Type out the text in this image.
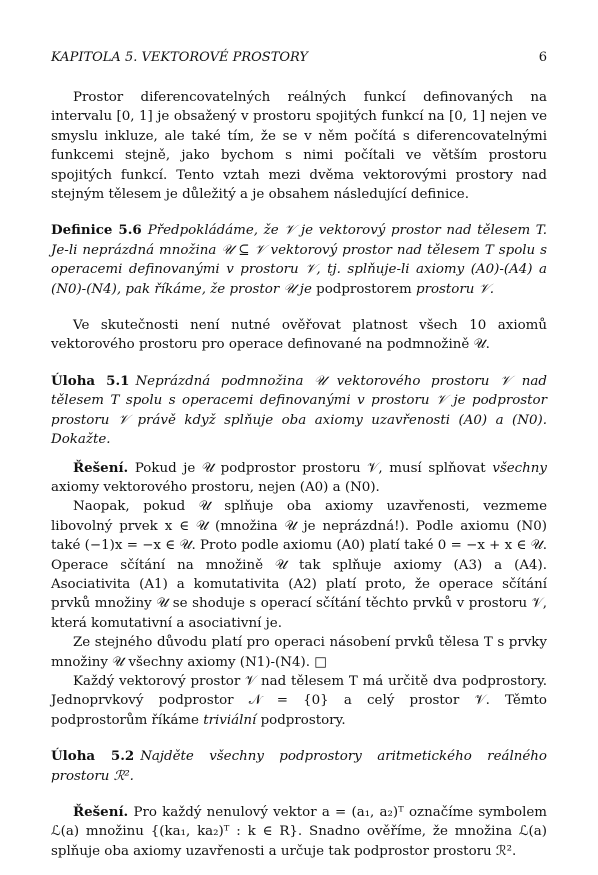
KAPITOLA 5. VEKTOROVÉ PROSTORY	6

Prostor diferencovatelných reálných funkcí definovaných na intervalu [0, 1] je obsažený v prostoru spojitých funkcí na [0, 1] nejen ve smyslu inkluze, ale také tím, že se v něm počítá s diferencovatelnými funkcemi stejně, jako bychom s nimi počítali ve větším prostoru spojitých funkcí. Tento vztah mezi dvěma vektorovými prostory nad stejným tělesem je důležitý a je obsahem následující definice.

Definice 5.6 Předpokládáme, že 𝒱 je vektorový prostor nad tělesem T. Je-li neprázdná množina 𝒰 ⊆ 𝒱 vektorový prostor nad tělesem T spolu s operacemi definovanými v prostoru 𝒱, tj. splňuje-li axiomy (A0)-(A4) a (N0)-(N4), pak říkáme, že prostor 𝒰 je podprostorem prostoru 𝒱.

Ve skutečnosti není nutné ověřovat platnost všech 10 axiomů vektorového prostoru pro operace definované na podmnožině 𝒰.

Úloha 5.1 Neprázdná podmnožina 𝒰 vektorového prostoru 𝒱 nad tělesem T spolu s operacemi definovanými v prostoru 𝒱 je podprostor prostoru 𝒱 právě když splňuje oba axiomy uzavřenosti (A0) a (N0). Dokažte.

Řešení. Pokud je 𝒰 podprostor prostoru 𝒱, musí splňovat všechny axiomy vektorového prostoru, nejen (A0) a (N0).

Naopak, pokud 𝒰 splňuje oba axiomy uzavřenosti, vezmeme libovolný prvek x ∈ 𝒰 (množina 𝒰 je neprázdná!). Podle axiomu (N0) také (−1)x = −x ∈ 𝒰. Proto podle axiomu (A0) platí také 0 = −x + x ∈ 𝒰. Operace sčítání na množině 𝒰 tak splňuje axiomy (A3) a (A4). Asociativita (A1) a komutativita (A2) platí proto, že operace sčítání prvků množiny 𝒰 se shoduje s operací sčítání těchto prvků v prostoru 𝒱, která komutativní a asociativní je.

Ze stejného důvodu platí pro operaci násobení prvků tělesa T s prvky množiny 𝒰 všechny axiomy (N1)-(N4). □

Každý vektorový prostor 𝒱 nad tělesem T má určitě dva podprostory. Jednoprvkový podprostor 𝒩 = {0} a celý prostor 𝒱. Těmto podprostorům říkáme triviální podprostory.

Úloha 5.2 Najděte všechny podprostory aritmetického reálného prostoru ℛ².

Řešení. Pro každý nenulový vektor a = (a₁, a₂)ᵀ označíme symbolem ℒ(a) množinu {(ka₁, ka₂)ᵀ : k ∈ R}. Snadno ověříme, že množina ℒ(a) splňuje oba axiomy uzavřenosti a určuje tak podprostor prostoru ℛ².
